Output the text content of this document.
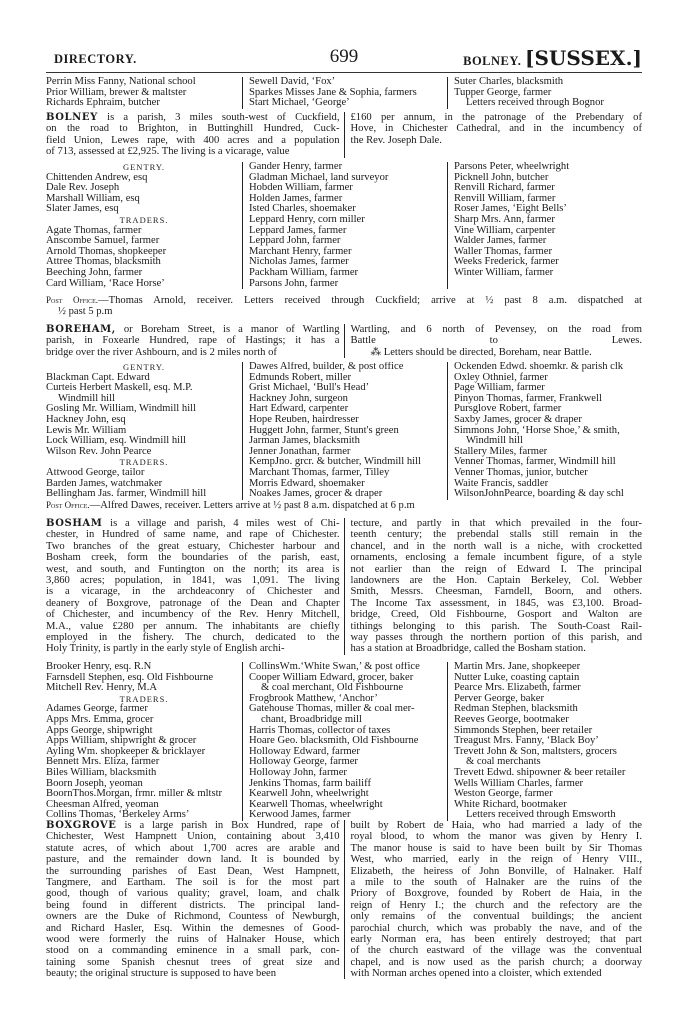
DIRECTORY.	699	BOLNEY. [SUSSEX.]
Perrin Miss Fanny, National school
Prior William, brewer & maltster
Richards Ephraim, butcher
Sewell David, ‘Fox’
Sparkes Misses Jane & Sophia, farmers
Start Michael, ‘George’
Suter Charles, blacksmith
Tupper George, farmer
Letters received through Bognor
BOLNEY is a parish, 3 miles south-west of Cuckfield,
on the road to Brighton, in Buttinghill Hundred, Cuck-
field Union, Lewes rape, with 400 acres and a population
of 713, assessed at £2,925. The living is a vicarage, value
£160 per annum, in the patronage of the Prebendary of
Hove, in Chichester Cathedral, and in the incumbency of
the Rev. Joseph Dale.
GENTRY.
Chittenden Andrew, esq
Dale Rev. Joseph
Marshall William, esq
Slater James, esq
TRADERS.
Agate Thomas, farmer
Anscombe Samuel, farmer
Arnold Thomas, shopkeeper
Attree Thomas, blacksmith
Beeching John, farmer
Card William, ‘Race Horse’
Gander Henry, farmer
Gladman Michael, land surveyor
Hobden William, farmer
Holden James, farmer
Isted Charles, shoemaker
Leppard Henry, corn miller
Leppard James, farmer
Leppard John, farmer
Marchant Henry, farmer
Nicholas James, farmer
Packham William, farmer
Parsons John, farmer
Parsons Peter, wheelwright
Picknell John, butcher
Renvill Richard, farmer
Renvill William, farmer
Roser James, ‘Eight Bells’
Sharp Mrs. Ann, farmer
Vine William, carpenter
Walder James, farmer
Waller Thomas, farmer
Weeks Frederick, farmer
Winter William, farmer
Post Office.—Thomas Arnold, receiver. Letters received through Cuckfield; arrive at ½ past 8 a.m. dispatched at
½ past 5 p.m
BOREHAM, or Boreham Street, is a manor of Wartling
parish, in Foxearle Hundred, rape of Hastings; it has a
bridge over the river Ashbourn, and is 2 miles north of
Wartling, and 6 north of Pevensey, on the road from
Battle to Lewes.
⁂ Letters should be directed, Boreham, near Battle.
GENTRY.
Blackman Capt. Edward
Curteis Herbert Maskell, esq. M.P.
Windmill hill
Gosling Mr. William, Windmill hill
Hackney John, esq
Lewis Mr. William
Lock William, esq. Windmill hill
Wilson Rev. John Pearce
TRADERS.
Attwood George, tailor
Barden James, watchmaker
Bellingham Jas. farmer, Windmill hill
Dawes Alfred, builder, & post office
Edmunds Robert, miller
Grist Michael, ‘Bull's Head’
Hackney John, surgeon
Hart Edward, carpenter
Hope Reuben, hairdresser
Huggett John, farmer, Stunt's green
Jarman James, blacksmith
Jenner Jonathan, farmer
KempJno. grcr. & butcher, Windmill hill
Marchant Thomas, farmer, Tilley
Morris Edward, shoemaker
Noakes James, grocer & draper
Ockenden Edwd. shoemkr. & parish clk
Oxley Othniel, farmer
Page William, farmer
Pinyon Thomas, farmer, Frankwell
Pursglove Robert, farmer
Saxby James, grocer & draper
Simmons John, ‘Horse Shoe,’ & smith,
Windmill hill
Stallery Miles, farmer
Venner Thomas, farmer, Windmill hill
Venner Thomas, junior, butcher
Waite Francis, saddler
WilsonJohnPearce, boarding & day schl
Post Office.—Alfred Dawes, receiver. Letters arrive at ½ past 8 a.m. dispatched at 6 p.m
BOSHAM is a village and parish, 4 miles west of Chi-
chester, in Hundred of same name, and rape of Chichester.
Two branches of the great estuary, Chichester harbour and
Bosham creek, form the boundaries of the parish, east,
west, and south, and Funtington on the north; its area is
3,860 acres; population, in 1841, was 1,091. The living
is a vicarage, in the archdeaconry of Chichester and
deanery of Boxgrove, patronage of the Dean and Chapter
of Chichester, and incumbency of the Rev. Henry Mitchell,
M.A., value £280 per annum. The inhabitants are chiefly
employed in the fishery. The church, dedicated to the
Holy Trinity, is partly in the early style of English archi-
tecture, and partly in that which prevailed in the four-
teenth century; the prebendal stalls still remain in the
chancel, and in the north wall is a niche, with crocketted
ornaments, enclosing a female incumbent figure, of a style
not earlier than the reign of Edward I. The principal
landowners are the Hon. Captain Berkeley, Col. Webber
Smith, Messrs. Cheesman, Farndell, Boorn, and others.
The Income Tax assessment, in 1845, was £3,100. Broad-
bridge, Creed, Old Fishbourne, Gosport and Walton are
tithings belonging to this parish. The South-Coast Rail-
way passes through the northern portion of this parish, and
has a station at Broadbridge, called the Bosham station.
Brooker Henry, esq. R.N
Farnsdell Stephen, esq. Old Fishbourne
Mitchell Rev. Henry, M.A
TRADERS.
Adames George, farmer
Apps Mrs. Emma, grocer
Apps George, shipwright
Apps William, shipwright & grocer
Ayling Wm. shopkeeper & bricklayer
Bennett Mrs. Eliza, farmer
Biles William, blacksmith
Boorn Joseph, yeoman
BoornThos.Morgan, frmr. miller & mltstr
Cheesman Alfred, yeoman
Collins Thomas, ‘Berkeley Arms’
CollinsWm.‘White Swan,’ & post office
Cooper William Edward, grocer, baker
& coal merchant, Old Fishbourne
Frogbrook Matthew, ‘Anchor’
Gatehouse Thomas, miller & coal mer-
chant, Broadbridge mill
Harris Thomas, collector of taxes
Hoare Geo. blacksmith, Old Fishbourne
Holloway Edward, farmer
Holloway George, farmer
Holloway John, farmer
Jenkins Thomas, farm bailiff
Kearwell John, wheelwright
Kearwell Thomas, wheelwright
Kerwood James, farmer
Martin Mrs. Jane, shopkeeper
Nutter Luke, coasting captain
Pearce Mrs. Elizabeth, farmer
Perver George, baker
Redman Stephen, blacksmith
Reeves George, bootmaker
Simmonds Stephen, beer retailer
Treagust Mrs. Fanny, ‘Black Boy’
Trevett John & Son, maltsters, grocers
& coal merchants
Trevett Edwd. shipowner & beer retailer
Wells William Charles, farmer
Weston George, farmer
White Richard, bootmaker
Letters received through Emsworth
BOXGROVE is a large parish in Box Hundred, rape of
Chichester, West Hampnett Union, containing about 3,410
statute acres, of which about 1,700 acres are arable and
pasture, and the remainder down land. It is bounded by
the surrounding parishes of East Dean, West Hampnett,
Tangmere, and Eartham. The soil is for the most part
good, though of various quality; gravel, loam, and chalk
being found in different districts. The principal land-
owners are the Duke of Richmond, Countess of Newburgh,
and Richard Hasler, Esq. Within the demesnes of Good-
wood were formerly the ruins of Halnaker House, which
stood on a commanding eminence in a small park, con-
taining some Spanish chesnut trees of great size and
beauty; the original structure is supposed to have been
built by Robert de Haia, who had married a lady of the
royal blood, to whom the manor was given by Henry I.
The manor house is said to have been built by Sir Thomas
West, who married, early in the reign of Henry VIII.,
Elizabeth, the heiress of John Bonville, of Halnaker. Half
a mile to the south of Halnaker are the ruins of the
Priory of Boxgrove, founded by Robert de Haia, in the
reign of Henry I.; the church and the refectory are the
only remains of the conventual buildings; the ancient
parochial church, which was probably the nave, and of the
early Norman era, has been entirely destroyed; that part
of the church eastward of the village was the conventual
chapel, and is now used as the parish church; a doorway
with Norman arches opened into a cloister, which extended
